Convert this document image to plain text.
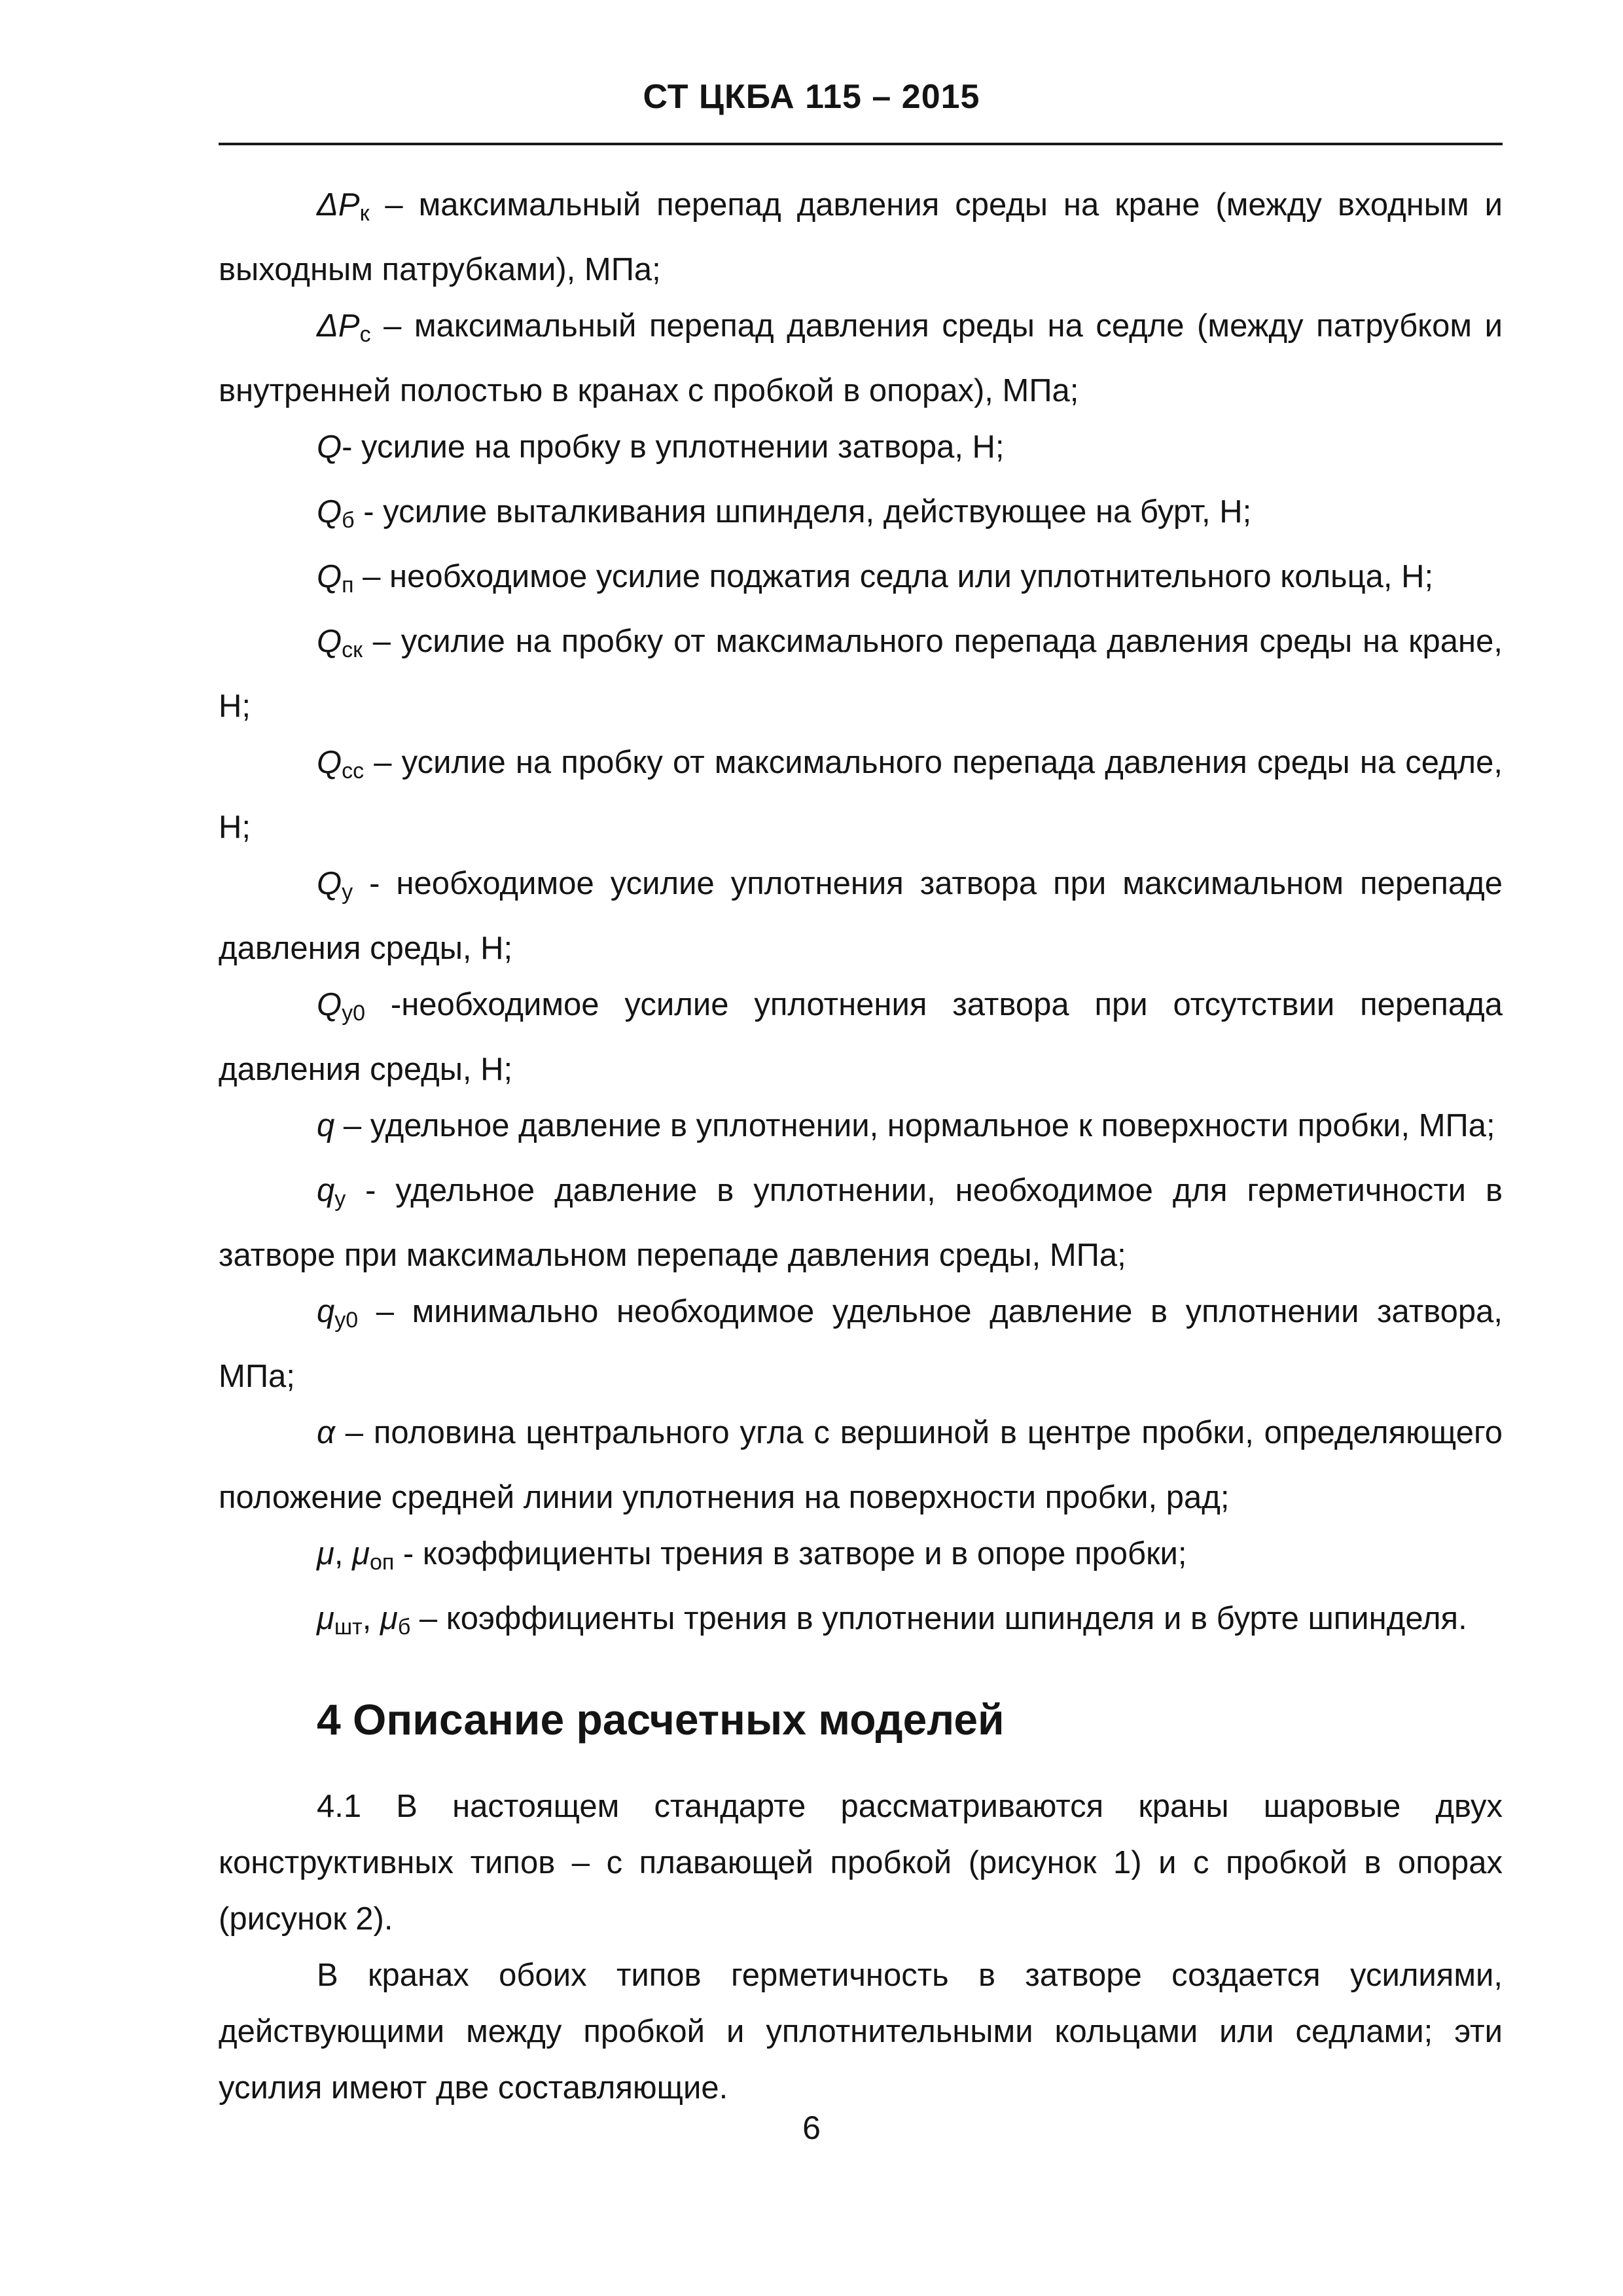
СТ ЦКБА 115 – 2015

$\Delta P_к$ – максимальный перепад давления среды на кране (между входным и выходным патрубками), МПа;

$\Delta P_с$ – максимальный перепад давления среды на седле (между патрубком и внутренней полостью в кранах с пробкой в опорах), МПа;

Q- усилие на пробку в уплотнении затвора, Н;

$Q_б$ - усилие выталкивания шпинделя, действующее на бурт, Н;

$Q_п$ – необходимое усилие поджатия седла или уплотнительного кольца, Н;

$Q_{ск}$ – усилие на пробку от максимального перепада давления среды на кране, Н;

$Q_{сс}$ – усилие на пробку от максимального перепада давления среды на седле, Н;

$Q_у$ - необходимое усилие уплотнения затвора при максимальном перепаде давления среды, Н;

$Q_{у0}$ -необходимое усилие уплотнения затвора при отсутствии перепада давления среды, Н;

q – удельное давление в уплотнении, нормальное к поверхности пробки, МПа;

$q_у$ - удельное давление в уплотнении, необходимое для герметичности в затворе при максимальном перепаде давления среды, МПа;

$q_{у0}$ – минимально необходимое удельное давление в уплотнении затвора, МПа;

α – половина центрального угла с вершиной в центре пробки, определяющего положение средней линии уплотнения на поверхности пробки, рад;

μ, $\mu_{оп}$ - коэффициенты трения в затворе и в опоре пробки;

$\mu_{шт}$, $\mu_б$ – коэффициенты трения в уплотнении шпинделя и в бурте шпинделя.

4 Описание расчетных моделей

4.1 В настоящем стандарте рассматриваются краны шаровые двух конструктивных типов – с плавающей пробкой (рисунок 1) и с пробкой в опорах (рисунок 2).

В кранах обоих типов герметичность в затворе создается усилиями, действующими между пробкой и уплотнительными кольцами или седлами; эти усилия имеют две составляющие.

6
